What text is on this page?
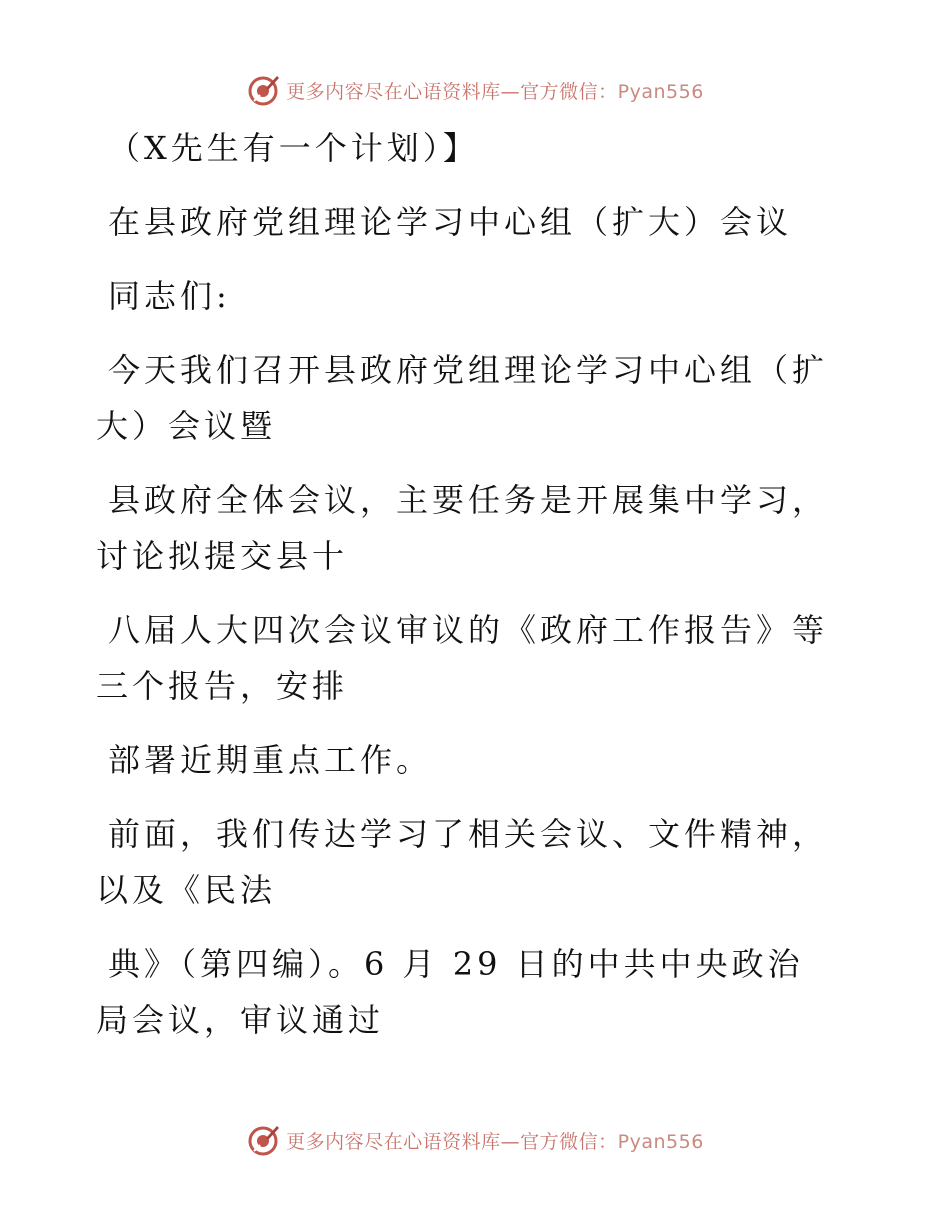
更多内容尽在心语资料库—官方微信：Pyan556

（X先生有一个计划）】

在县政府党组理论学习中心组（扩大）会议

同志们:

今天我们召开县政府党组理论学习中心组（扩大）会议暨

县政府全体会议，主要任务是开展集中学习，讨论拟提交县十

八届人大四次会议审议的《政府工作报告》等三个报告，安排

部署近期重点工作。

前面，我们传达学习了相关会议、文件精神，以及《民法

典》（第四编）。6 月 29 日的中共中央政治局会议，审议通过

更多内容尽在心语资料库—官方微信：Pyan556
